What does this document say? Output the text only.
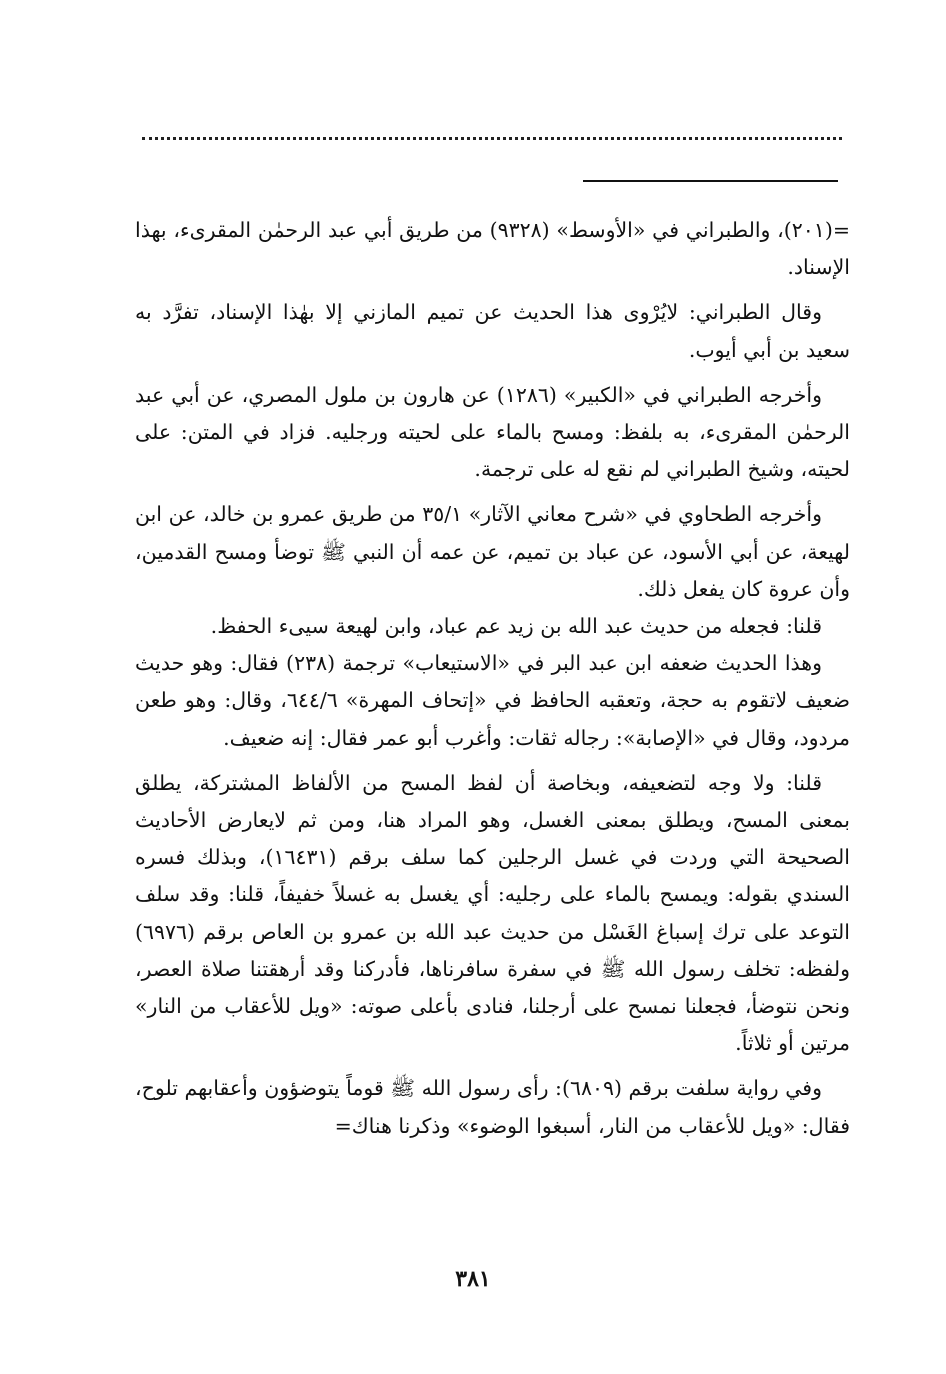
=(٢٠١)، والطبراني في «الأوسط» (٩٣٢٨) من طريق أبي عبد الرحمٰن المقرىء، بهذا الإسناد.

وقال الطبراني: لايُرْوى هذا الحديث عن تميم المازني إلا بهٰذا الإسناد، تفرَّد به سعيد بن أبي أيوب.

وأخرجه الطبراني في «الكبير» (١٢٨٦) عن هارون بن ملول المصري، عن أبي عبد الرحمٰن المقرىء، به بلفظ: ومسح بالماء على لحيته ورجليه. فزاد في المتن: على لحيته، وشيخ الطبراني لم نقع له على ترجمة.

وأخرجه الطحاوي في «شرح معاني الآثار» ٣٥/١ من طريق عمرو بن خالد، عن ابن لهيعة، عن أبي الأسود، عن عباد بن تميم، عن عمه أن النبي ﷺ توضأ ومسح القدمين، وأن عروة كان يفعل ذلك.

قلنا: فجعله من حديث عبد الله بن زيد عم عباد، وابن لهيعة سيىء الحفظ.

وهذا الحديث ضعفه ابن عبد البر في «الاستيعاب» ترجمة (٢٣٨) فقال: وهو حديث ضعيف لاتقوم به حجة، وتعقبه الحافظ في «إتحاف المهرة» ٦٤٤/٦، وقال: وهو طعن مردود، وقال في «الإصابة»: رجاله ثقات: وأغرب أبو عمر فقال: إنه ضعيف.

قلنا: ولا وجه لتضعيفه، وبخاصة أن لفظ المسح من الألفاظ المشتركة، يطلق بمعنى المسح، ويطلق بمعنى الغسل، وهو المراد هنا، ومن ثم لايعارض الأحاديث الصحيحة التي وردت في غسل الرجلين كما سلف برقم (١٦٤٣١)، وبذلك فسره السندي بقوله: ويمسح بالماء على رجليه: أي يغسل به غسلاً خفيفاً، قلنا: وقد سلف التوعد على ترك إسباغ الغَسْل من حديث عبد الله بن عمرو بن العاص برقم (٦٩٧٦) ولفظه: تخلف رسول الله ﷺ في سفرة سافرناها، فأدركنا وقد أرهقتنا صلاة العصر، ونحن نتوضأ، فجعلنا نمسح على أرجلنا، فنادى بأعلى صوته: «ويل للأعقاب من النار» مرتين أو ثلاثاً.

وفي رواية سلفت برقم (٦٨٠٩): رأى رسول الله ﷺ قوماً يتوضؤون وأعقابهم تلوح، فقال: «ويل للأعقاب من النار، أسبغوا الوضوء» وذكرنا هناك=

٣٨١
